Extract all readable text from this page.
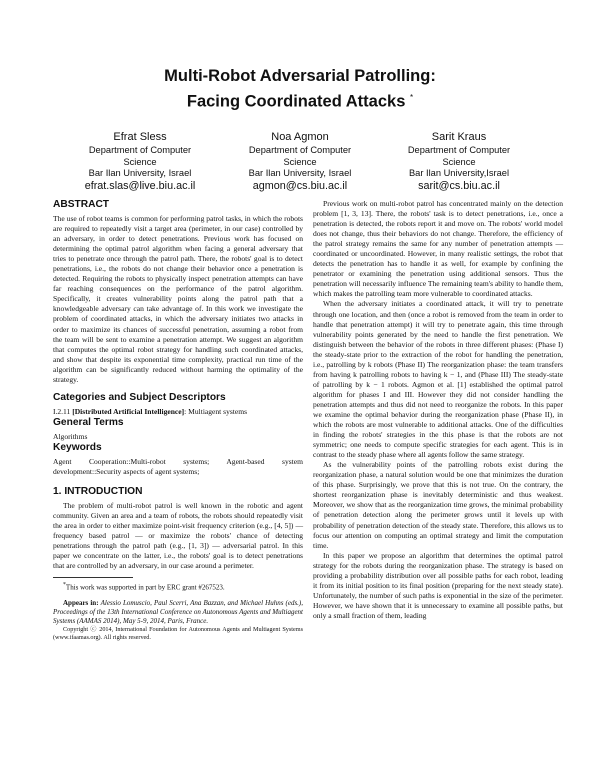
Multi-Robot Adversarial Patrolling:
Facing Coordinated Attacks *
Efrat Sless
Department of Computer
Science
Bar Ilan University, Israel
efrat.slas@live.biu.ac.il
Noa Agmon
Department of Computer
Science
Bar Ilan University, Israel
agmon@cs.biu.ac.il
Sarit Kraus
Department of Computer
Science
Bar Ilan University,Israel
sarit@cs.biu.ac.il
ABSTRACT

The use of robot teams is common for performing patrol tasks, in which the robots are required to repeatedly visit a target area (perimeter, in our case) controlled by an adversary, in order to detect penetrations. Previous work has focused on determining the optimal patrol algorithm when facing a general adversary that tries to penetrate once through the patrol path. There, the robots' goal is to detect penetrations, i.e., the robots do not change their behavior once a penetration is detected. Requiring the robots to physically inspect penetration attempts can have far reaching consequences on the performance of the patrol algorithm. Specifically, it creates vulnerability points along the patrol path that a knowledgeable adversary can take advantage of. In this work we investigate the problem of coordinated attacks, in which the adversary initiates two attacks in order to maximize its chances of successful penetration, assuming a robot from the team will be sent to examine a penetration attempt. We suggest an algorithm that computes the optimal robot strategy for handling such coordinated attacks, and show that despite its exponential time complexity, practical run time of the algorithm can be significantly reduced without harming the optimality of the strategy.

Categories and Subject Descriptors

I.2.11 [Distributed Artificial Intelligence]: Multiagent systems

General Terms

Algorithms

Keywords

Agent Cooperation::Multi-robot systems; Agent-based system development::Security aspects of agent systems;

1. INTRODUCTION

The problem of multi-robot patrol is well known in the robotic and agent community. Given an area and a team of robots, the robots should repeatedly visit the area in order to either maximize point-visit frequency criterion (e.g., [4, 5]) — frequency based patrol — or maximize the robots' chance of detecting penetrations through the patrol path (e.g., [1, 3]) — adversarial patrol. In this paper we concentrate on the latter, i.e., the robots' goal is to detect penetrations that are controlled by an adversary, in our case around a perimeter.

*This work was supported in part by ERC grant #267523.

Appears in: Alessio Lomuscio, Paul Scerri, Ana Bazzan, and Michael Huhns (eds.), Proceedings of the 13th International Conference on Autonomous Agents and Multiagent Systems (AAMAS 2014), May 5-9, 2014, Paris, France.

Copyright ⓒ 2014, International Foundation for Autonomous Agents and Multiagent Systems (www.ifaamas.org). All rights reserved.

Previous work on multi-robot patrol has concentrated mainly on the detection problem [1, 3, 13]. There, the robots' task is to detect penetrations, i.e., once a penetration is detected, the robots report it and move on. The robots' world model does not change, thus their behaviors do not change. Therefore, the efficiency of the patrol strategy remains the same for any number of penetration attempts — coordinated or uncoordinated. However, in many realistic settings, the robot that detects the penetration has to handle it as well, for example by confining the penetrator or examining the penetration using additional sensors. Thus the penetration will necessarily influence The remaining team's ability to handle them, which makes the patrolling team more vulnerable to coordinated attacks.

When the adversary initiates a coordinated attack, it will try to penetrate through one location, and then (once a robot is removed from the team in order to handle that penetration attempt) it will try to penetrate again, this time through vulnerability points generated by the need to handle the first penetration. We distinguish between the behavior of the robots in three different phases: (Phase I) the steady-state prior to the extraction of the robot for handling the penetration, i.e., patrolling by k robots (Phase II) The reorganization phase: the team transfers from having k patrolling robots to having k − 1, and (Phase III) The steady-state of patrolling by k − 1 robots. Agmon et al. [1] established the optimal patrol algorithm for phases I and III. However they did not consider handling the penetration attempts and thus did not need to reorganize the robots. In this paper we examine the optimal behavior during the reorganization phase (Phase II), in which the robots are most vulnerable to additional attacks. One of the difficulties in finding the robots' strategies in the this phase is that the robots are not symmetric; one needs to compute specific strategies for each agent. This is in contrast to the steady phase where all agents follow the same strategy.

As the vulnerability points of the patrolling robots exist during the reorganization phase, a natural solution would be one that minimizes the duration of this phase. Surprisingly, we prove that this is not true. On the contrary, the shortest reorganization phase is inevitably deterministic and thus weakest. Moreover, we show that as the reorganization time grows, the minimal probability of penetration detection along the perimeter grows until it levels up with probability of penetration detection of the steady state. Therefore, this allows us to focus our attention on computing an optimal strategy and limit the computation time.

In this paper we propose an algorithm that determines the optimal patrol strategy for the robots during the reorganization phase. The strategy is based on providing a probability distribution over all possible paths for each robot, leading it from its initial position to its final position (preparing for the next steady state). Unfortunately, the number of such paths is exponential in the size of the perimeter. However, we have shown that it is unnecessary to examine all possible paths, but only a small fraction of them, leading
